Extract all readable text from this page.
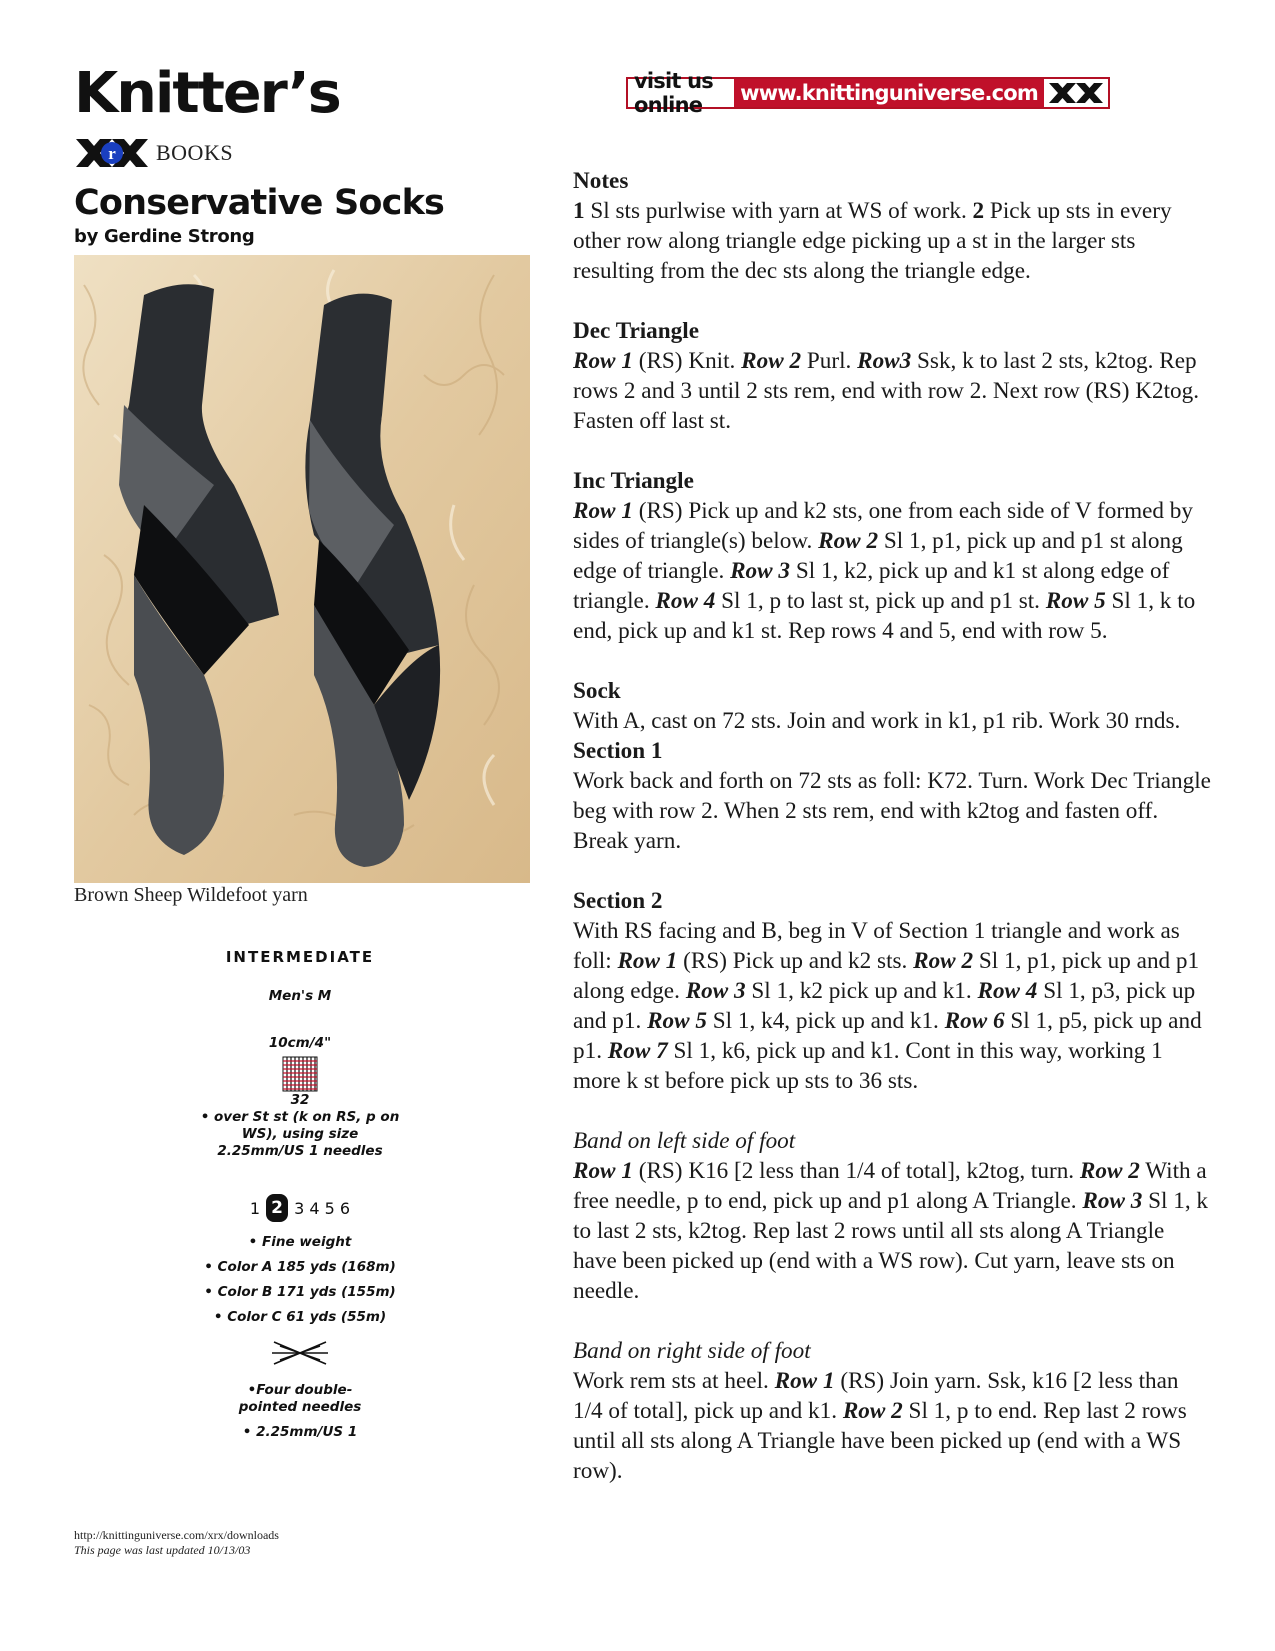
Knitter’s
r BOOKS
Conservative Socks
by Gerdine Strong
Brown Sheep Wildefoot yarn
INTERMEDIATE
Men's M
10cm/4"
32
• over St st (k on RS, p on WS), using size 2.25mm/US 1 needles
1 2 3 4 5 6
• Fine weight
• Color A 185 yds (168m)
• Color B 171 yds (155m)
• Color C 61 yds (55m)
•Four double-pointed needles
• 2.25mm/US 1
http://knittinguniverse.com/xrx/downloads
This page was last updated 10/13/03
visit us online	www.knittinguniverse.com
Notes

1 Sl sts purlwise with yarn at WS of work. 2 Pick up sts in every other row along triangle edge picking up a st in the larger sts resulting from the dec sts along the triangle edge.

Dec Triangle

Row 1 (RS) Knit. Row 2 Purl. Row3 Ssk, k to last 2 sts, k2tog. Rep rows 2 and 3 until 2 sts rem, end with row 2. Next row (RS) K2tog. Fasten off last st.

Inc Triangle

Row 1 (RS) Pick up and k2 sts, one from each side of V formed by sides of triangle(s) below. Row 2 Sl 1, p1, pick up and p1 st along edge of triangle. Row 3 Sl 1, k2, pick up and k1 st along edge of triangle. Row 4 Sl 1, p to last st, pick up and p1 st. Row 5 Sl 1, k to end, pick up and k1 st. Rep rows 4 and 5, end with row 5.

Sock

With A, cast on 72 sts. Join and work in k1, p1 rib. Work 30 rnds.

Section 1

Work back and forth on 72 sts as foll: K72. Turn. Work Dec Triangle beg with row 2. When 2 sts rem, end with k2tog and fasten off. Break yarn.

Section 2

With RS facing and B, beg in V of Section 1 triangle and work as foll: Row 1 (RS) Pick up and k2 sts. Row 2 Sl 1, p1, pick up and p1 along edge. Row 3 Sl 1, k2 pick up and k1. Row 4 Sl 1, p3, pick up and p1. Row 5 Sl 1, k4, pick up and k1. Row 6 Sl 1, p5, pick up and p1. Row 7 Sl 1, k6, pick up and k1. Cont in this way, working 1 more k st before pick up sts to 36 sts.

Band on left side of foot

Row 1 (RS) K16 [2 less than 1/4 of total], k2tog, turn. Row 2 With a free needle, p to end, pick up and p1 along A Triangle. Row 3 Sl 1, k to last 2 sts, k2tog. Rep last 2 rows until all sts along A Triangle have been picked up (end with a WS row). Cut yarn, leave sts on needle.

Band on right side of foot

Work rem sts at heel. Row 1 (RS) Join yarn. Ssk, k16 [2 less than 1/4 of total], pick up and k1. Row 2 Sl 1, p to end. Rep last 2 rows until all sts along A Triangle have been picked up (end with a WS row).
